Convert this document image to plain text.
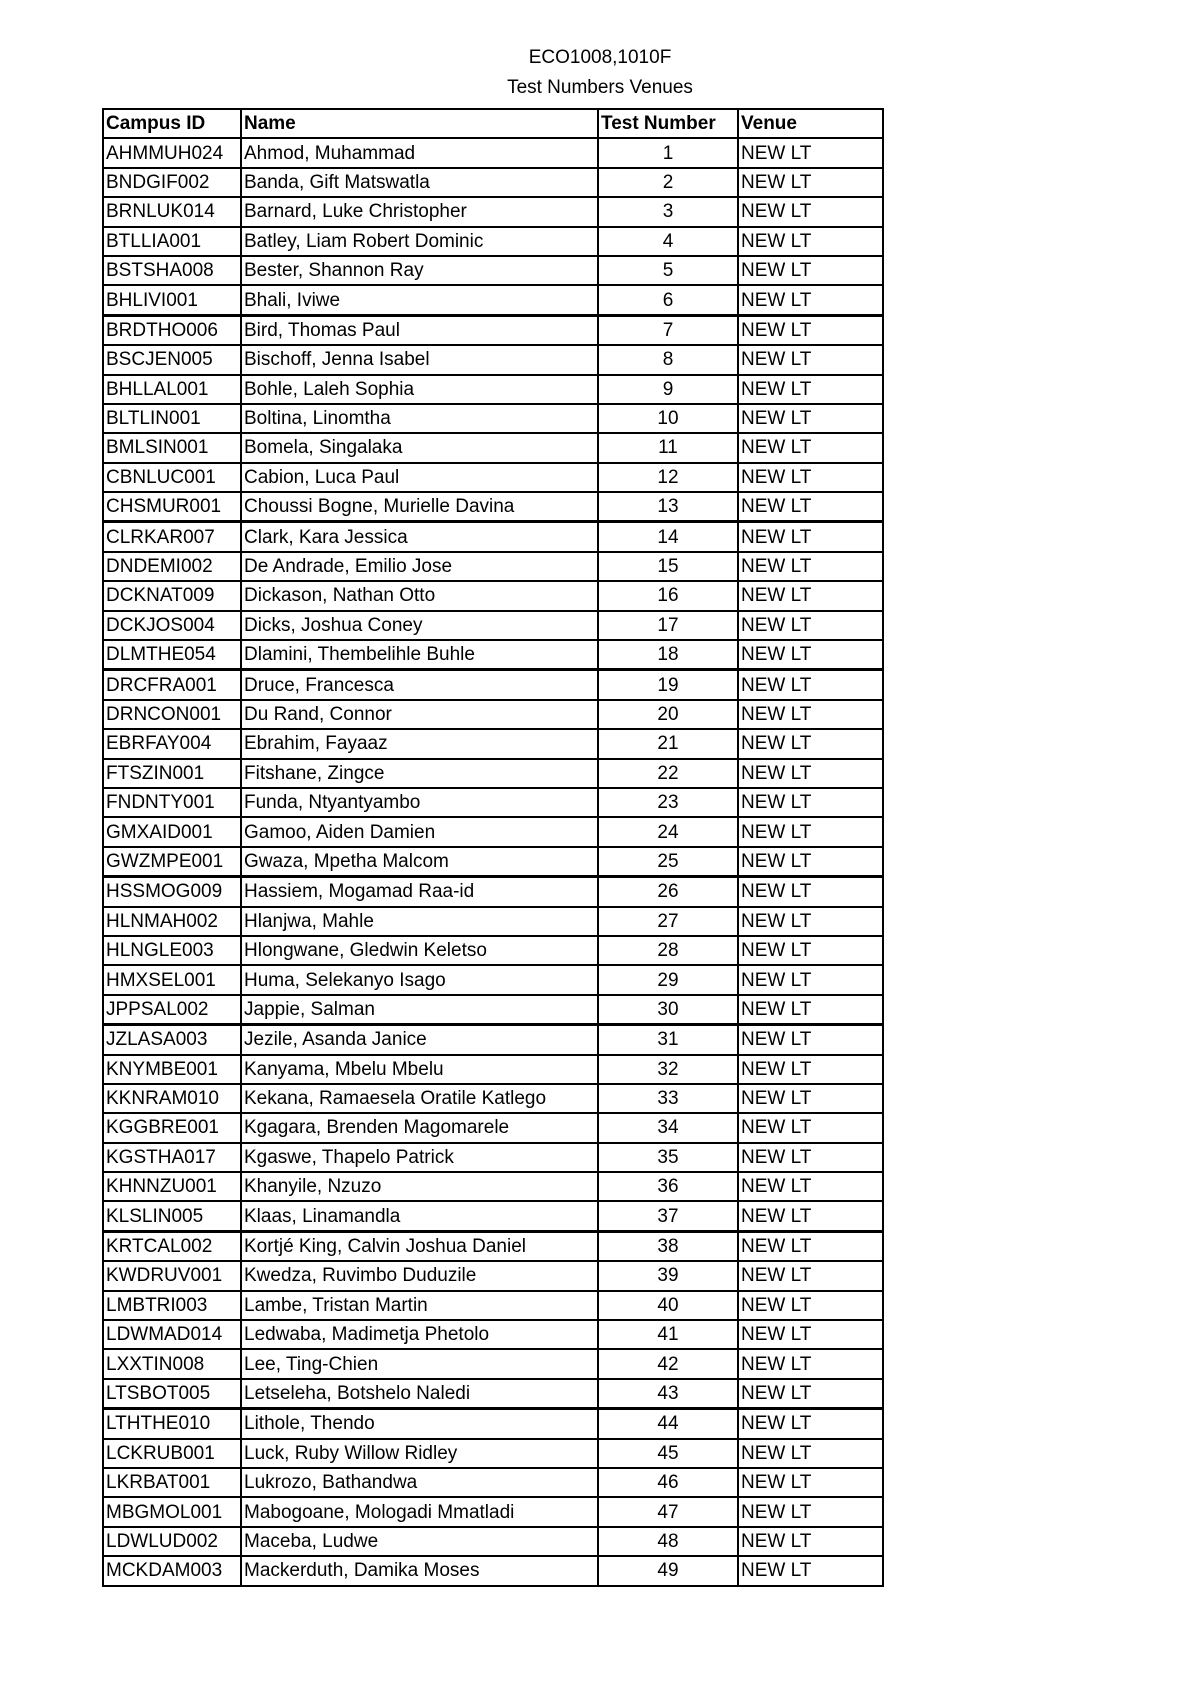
ECO1008,1010F
Test Numbers Venues
Campus ID	Name	Test Number	Venue
AHMMUH024	Ahmod, Muhammad	1	NEW LT
BNDGIF002	Banda, Gift Matswatla	2	NEW LT
BRNLUK014	Barnard, Luke Christopher	3	NEW LT
BTLLIA001	Batley, Liam Robert Dominic	4	NEW LT
BSTSHA008	Bester, Shannon Ray	5	NEW LT
BHLIVI001	Bhali, Iviwe	6	NEW LT
BRDTHO006	Bird, Thomas Paul	7	NEW LT
BSCJEN005	Bischoff, Jenna Isabel	8	NEW LT
BHLLAL001	Bohle, Laleh Sophia	9	NEW LT
BLTLIN001	Boltina, Linomtha	10	NEW LT
BMLSIN001	Bomela, Singalaka	11	NEW LT
CBNLUC001	Cabion, Luca Paul	12	NEW LT
CHSMUR001	Choussi Bogne, Murielle Davina	13	NEW LT
CLRKAR007	Clark, Kara Jessica	14	NEW LT
DNDEMI002	De Andrade, Emilio Jose	15	NEW LT
DCKNAT009	Dickason, Nathan Otto	16	NEW LT
DCKJOS004	Dicks, Joshua Coney	17	NEW LT
DLMTHE054	Dlamini, Thembelihle Buhle	18	NEW LT
DRCFRA001	Druce, Francesca	19	NEW LT
DRNCON001	Du Rand, Connor	20	NEW LT
EBRFAY004	Ebrahim, Fayaaz	21	NEW LT
FTSZIN001	Fitshane, Zingce	22	NEW LT
FNDNTY001	Funda, Ntyantyambo	23	NEW LT
GMXAID001	Gamoo, Aiden Damien	24	NEW LT
GWZMPE001	Gwaza, Mpetha Malcom	25	NEW LT
HSSMOG009	Hassiem, Mogamad Raa-id	26	NEW LT
HLNMAH002	Hlanjwa, Mahle	27	NEW LT
HLNGLE003	Hlongwane, Gledwin Keletso	28	NEW LT
HMXSEL001	Huma, Selekanyo Isago	29	NEW LT
JPPSAL002	Jappie, Salman	30	NEW LT
JZLASA003	Jezile, Asanda Janice	31	NEW LT
KNYMBE001	Kanyama, Mbelu Mbelu	32	NEW LT
KKNRAM010	Kekana, Ramaesela Oratile Katlego	33	NEW LT
KGGBRE001	Kgagara, Brenden Magomarele	34	NEW LT
KGSTHA017	Kgaswe, Thapelo Patrick	35	NEW LT
KHNNZU001	Khanyile, Nzuzo	36	NEW LT
KLSLIN005	Klaas, Linamandla	37	NEW LT
KRTCAL002	Kortjé King, Calvin Joshua Daniel	38	NEW LT
KWDRUV001	Kwedza, Ruvimbo Duduzile	39	NEW LT
LMBTRI003	Lambe, Tristan Martin	40	NEW LT
LDWMAD014	Ledwaba, Madimetja Phetolo	41	NEW LT
LXXTIN008	Lee, Ting-Chien	42	NEW LT
LTSBOT005	Letseleha, Botshelo Naledi	43	NEW LT
LTHTHE010	Lithole, Thendo	44	NEW LT
LCKRUB001	Luck, Ruby Willow Ridley	45	NEW LT
LKRBAT001	Lukrozo, Bathandwa	46	NEW LT
MBGMOL001	Mabogoane, Mologadi Mmatladi	47	NEW LT
LDWLUD002	Maceba, Ludwe	48	NEW LT
MCKDAM003	Mackerduth, Damika Moses	49	NEW LT
